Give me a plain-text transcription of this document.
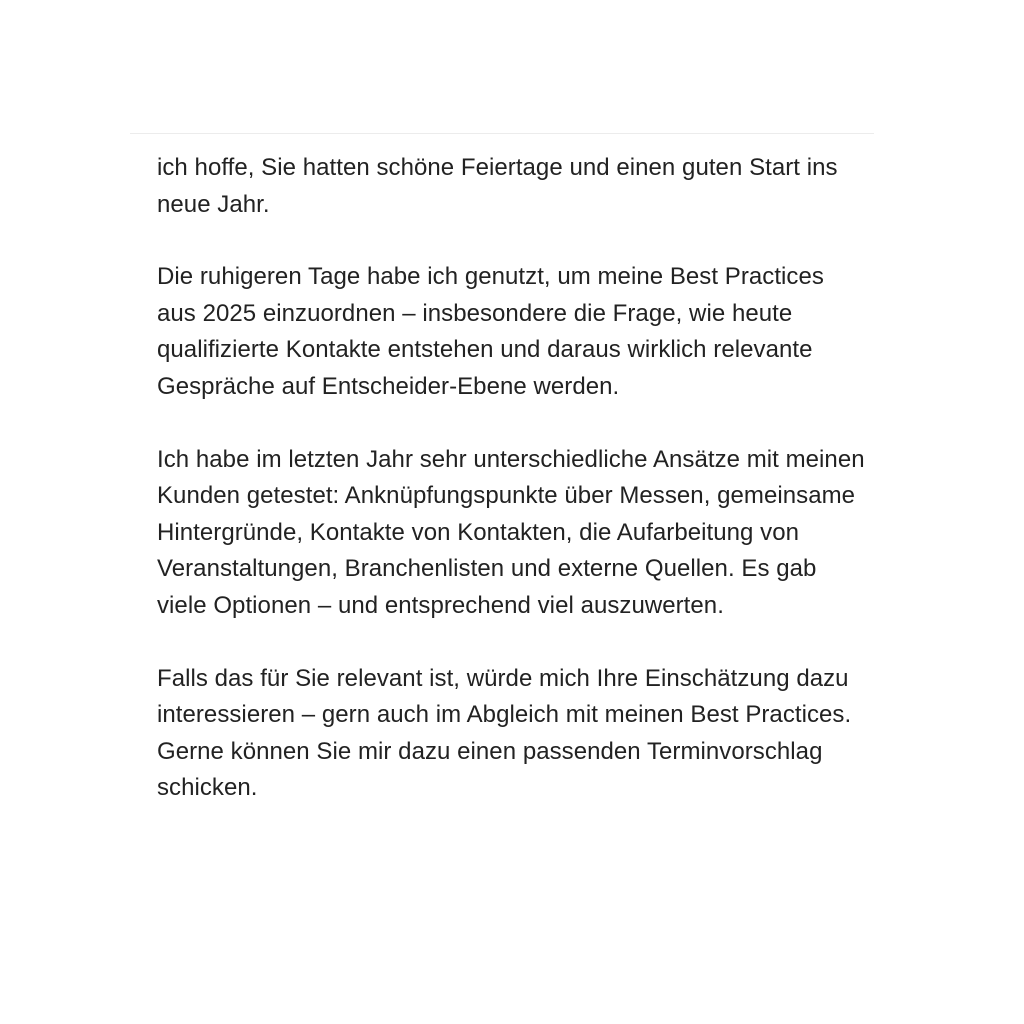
ich hoffe, Sie hatten schöne Feiertage und einen guten Start ins neue Jahr.

Die ruhigeren Tage habe ich genutzt, um meine Best Practices aus 2025 einzuordnen – insbesondere die Frage, wie heute qualifizierte Kontakte entstehen und daraus wirklich relevante Gespräche auf Entscheider-Ebene werden.

Ich habe im letzten Jahr sehr unterschiedliche Ansätze mit meinen Kunden getestet: Anknüpfungspunkte über Messen, gemeinsame Hintergründe, Kontakte von Kontakten, die Aufarbeitung von Veranstaltungen, Branchenlisten und externe Quellen. Es gab viele Optionen – und entsprechend viel auszuwerten.

Falls das für Sie relevant ist, würde mich Ihre Einschätzung dazu interessieren – gern auch im Abgleich mit meinen Best Practices. Gerne können Sie mir dazu einen passenden Terminvorschlag schicken.
